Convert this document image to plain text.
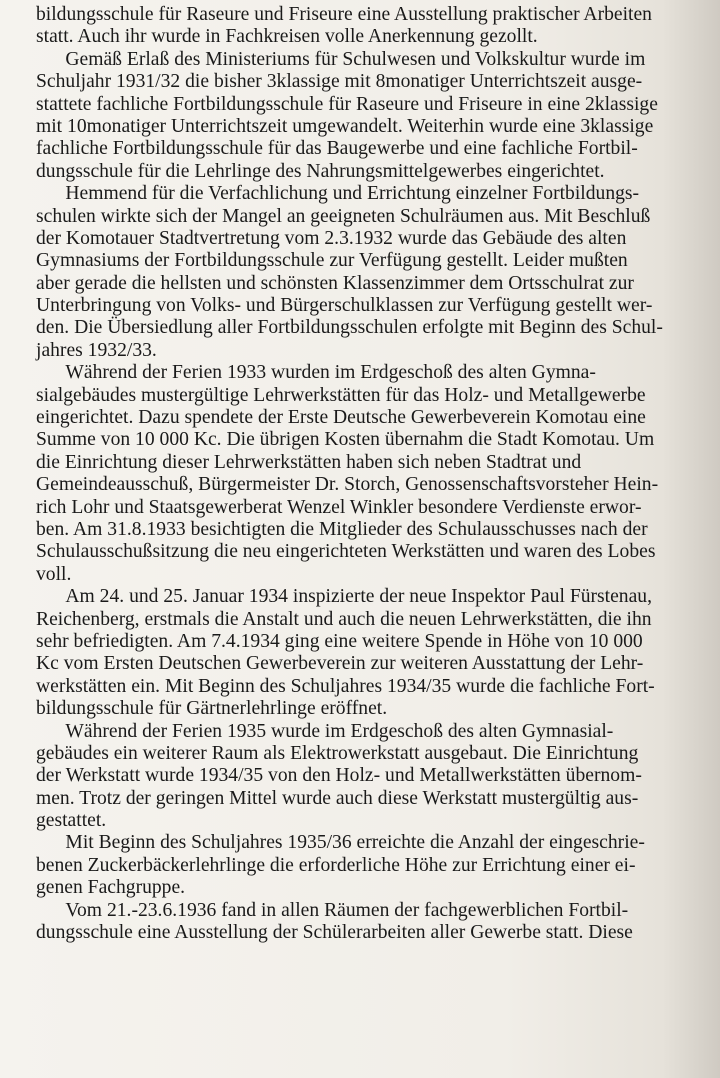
bildungsschule für Raseure und Friseure eine Ausstellung praktischer Arbeiten
statt. Auch ihr wurde in Fachkreisen volle Anerkennung gezollt.
  Gemäß Erlaß des Ministeriums für Schulwesen und Volkskultur wurde im
Schuljahr 1931/32 die bisher 3klassige mit 8monatiger Unterrichtszeit ausge-
stattete fachliche Fortbildungsschule für Raseure und Friseure in eine 2klassige
mit 10monatiger Unterrichtszeit umgewandelt. Weiterhin wurde eine 3klassige
fachliche Fortbildungsschule für das Baugewerbe und eine fachliche Fortbil-
dungsschule für die Lehrlinge des Nahrungsmittelgewerbes eingerichtet.
  Hemmend für die Verfachlichung und Errichtung einzelner Fortbildungs-
schulen wirkte sich der Mangel an geeigneten Schulräumen aus. Mit Beschluß
der Komotauer Stadtvertretung vom 2.3.1932 wurde das Gebäude des alten
Gymnasiums der Fortbildungsschule zur Verfügung gestellt. Leider mußten
aber gerade die hellsten und schönsten Klassenzimmer dem Ortsschulrat zur
Unterbringung von Volks- und Bürgerschulklassen zur Verfügung gestellt wer-
den. Die Übersiedlung aller Fortbildungsschulen erfolgte mit Beginn des Schul-
jahres 1932/33.
  Während der Ferien 1933 wurden im Erdgeschoß des alten Gymna-
sialgebäudes mustergültige Lehrwerkstätten für das Holz- und Metallgewerbe
eingerichtet. Dazu spendete der Erste Deutsche Gewerbeverein Komotau eine
Summe von 10 000 Kc. Die übrigen Kosten übernahm die Stadt Komotau. Um
die Einrichtung dieser Lehrwerkstätten haben sich neben Stadtrat und
Gemeindeausschuß, Bürgermeister Dr. Storch, Genossenschaftsvorsteher Hein-
rich Lohr und Staatsgewerberat Wenzel Winkler besondere Verdienste erwor-
ben. Am 31.8.1933 besichtigten die Mitglieder des Schulausschusses nach der
Schulausschußsitzung die neu eingerichteten Werkstätten und waren des Lobes
voll.
  Am 24. und 25. Januar 1934 inspizierte der neue Inspektor Paul Fürstenau,
Reichenberg, erstmals die Anstalt und auch die neuen Lehrwerkstätten, die ihn
sehr befriedigten. Am 7.4.1934 ging eine weitere Spende in Höhe von 10 000
Kc vom Ersten Deutschen Gewerbeverein zur weiteren Ausstattung der Lehr-
werkstätten ein. Mit Beginn des Schuljahres 1934/35 wurde die fachliche Fort-
bildungsschule für Gärtnerlehrlinge eröffnet.
  Während der Ferien 1935 wurde im Erdgeschoß des alten Gymnasial-
gebäudes ein weiterer Raum als Elektrowerkstatt ausgebaut. Die Einrichtung
der Werkstatt wurde 1934/35 von den Holz- und Metallwerkstätten übernom-
men. Trotz der geringen Mittel wurde auch diese Werkstatt mustergültig aus-
gestattet.
  Mit Beginn des Schuljahres 1935/36 erreichte die Anzahl der eingeschrie-
benen Zuckerbäckerlehrlinge die erforderliche Höhe zur Errichtung einer ei-
genen Fachgruppe.
  Vom 21.-23.6.1936 fand in allen Räumen der fachgewerblichen Fortbil-
dungsschule eine Ausstellung der Schülerarbeiten aller Gewerbe statt. Diese
